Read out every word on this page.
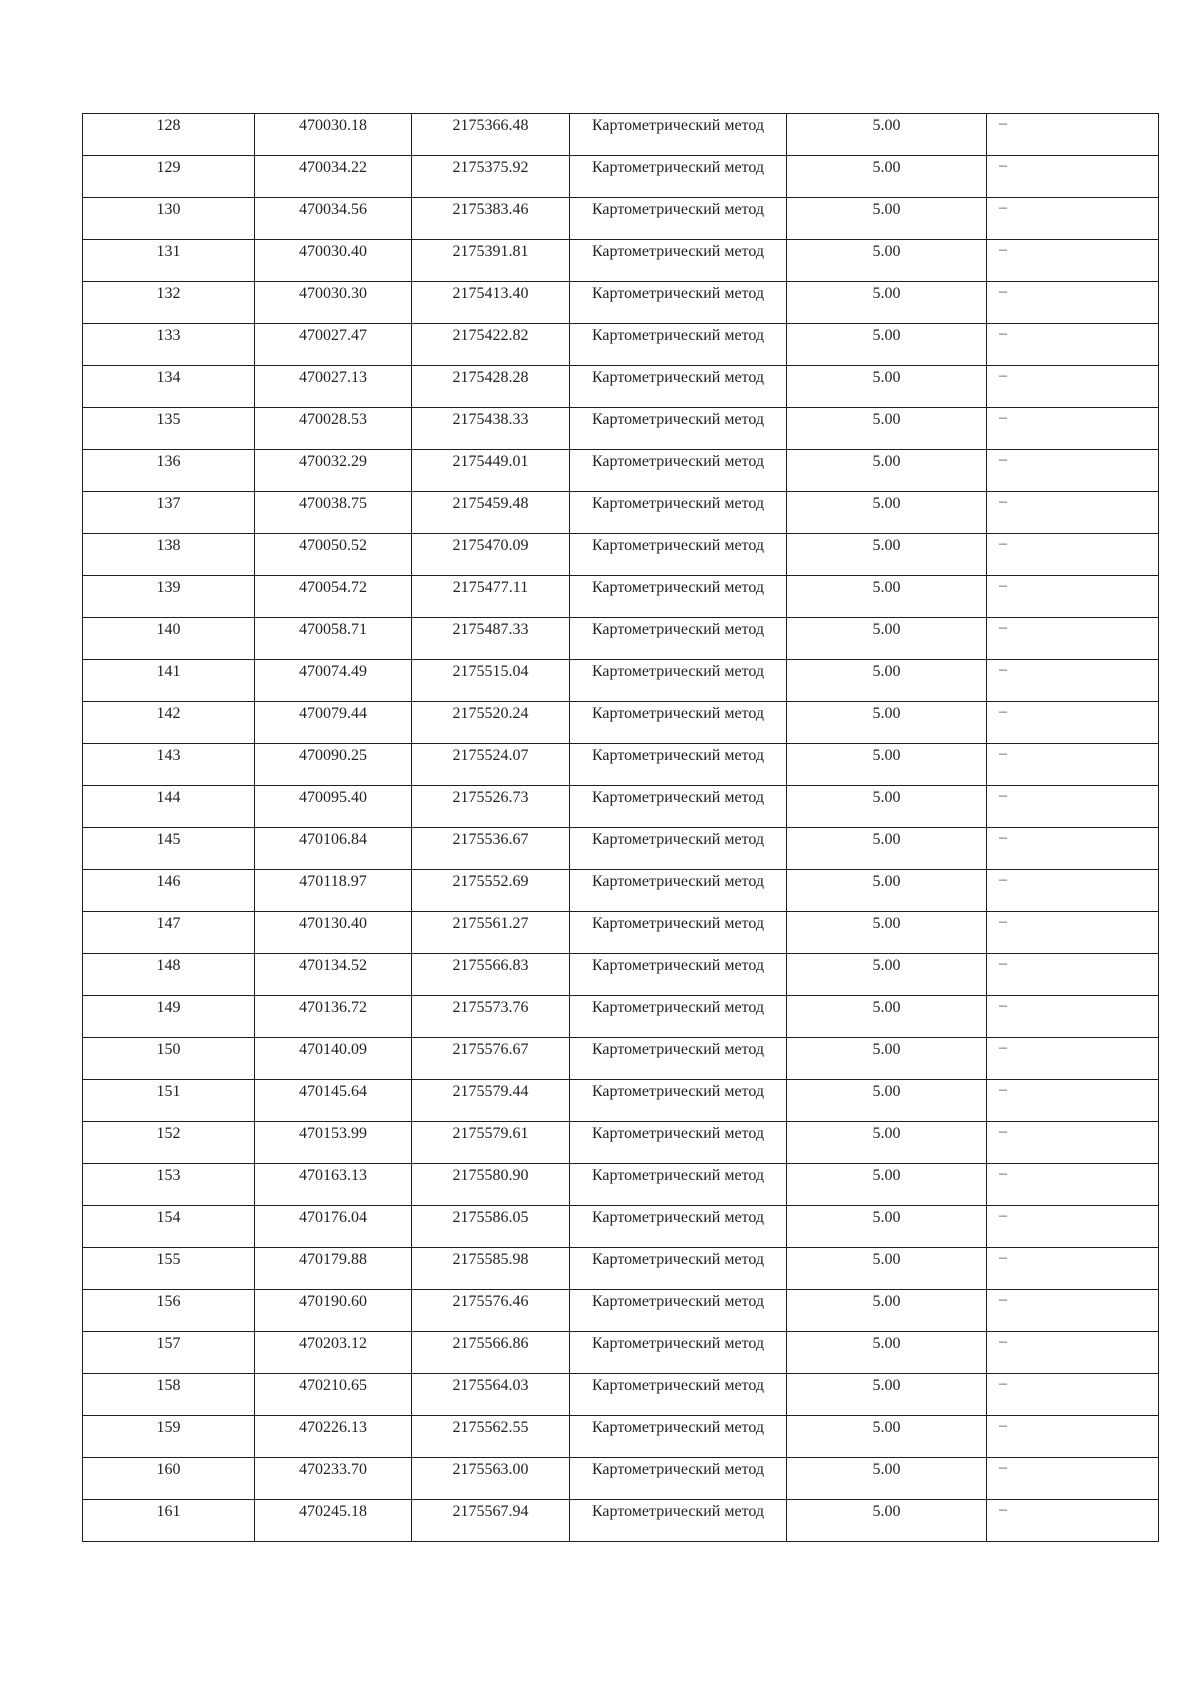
128	470030.18	2175366.48	Картометрический метод	5.00	–
129	470034.22	2175375.92	Картометрический метод	5.00	–
130	470034.56	2175383.46	Картометрический метод	5.00	–
131	470030.40	2175391.81	Картометрический метод	5.00	–
132	470030.30	2175413.40	Картометрический метод	5.00	–
133	470027.47	2175422.82	Картометрический метод	5.00	–
134	470027.13	2175428.28	Картометрический метод	5.00	–
135	470028.53	2175438.33	Картометрический метод	5.00	–
136	470032.29	2175449.01	Картометрический метод	5.00	–
137	470038.75	2175459.48	Картометрический метод	5.00	–
138	470050.52	2175470.09	Картометрический метод	5.00	–
139	470054.72	2175477.11	Картометрический метод	5.00	–
140	470058.71	2175487.33	Картометрический метод	5.00	–
141	470074.49	2175515.04	Картометрический метод	5.00	–
142	470079.44	2175520.24	Картометрический метод	5.00	–
143	470090.25	2175524.07	Картометрический метод	5.00	–
144	470095.40	2175526.73	Картометрический метод	5.00	–
145	470106.84	2175536.67	Картометрический метод	5.00	–
146	470118.97	2175552.69	Картометрический метод	5.00	–
147	470130.40	2175561.27	Картометрический метод	5.00	–
148	470134.52	2175566.83	Картометрический метод	5.00	–
149	470136.72	2175573.76	Картометрический метод	5.00	–
150	470140.09	2175576.67	Картометрический метод	5.00	–
151	470145.64	2175579.44	Картометрический метод	5.00	–
152	470153.99	2175579.61	Картометрический метод	5.00	–
153	470163.13	2175580.90	Картометрический метод	5.00	–
154	470176.04	2175586.05	Картометрический метод	5.00	–
155	470179.88	2175585.98	Картометрический метод	5.00	–
156	470190.60	2175576.46	Картометрический метод	5.00	–
157	470203.12	2175566.86	Картометрический метод	5.00	–
158	470210.65	2175564.03	Картометрический метод	5.00	–
159	470226.13	2175562.55	Картометрический метод	5.00	–
160	470233.70	2175563.00	Картометрический метод	5.00	–
161	470245.18	2175567.94	Картометрический метод	5.00	–
